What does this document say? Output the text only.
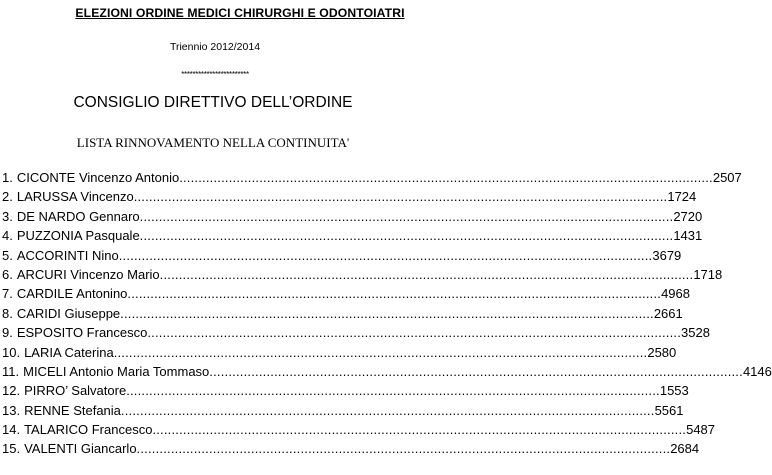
ELEZIONI ORDINE MEDICI CHIRURGHI E ODONTOIATRI
Triennio 2012/2014
************************
CONSIGLIO DIRETTIVO DELL’ORDINE
LISTA RINNOVAMENTO NELLA CONTINUITA'
1. CICONTE Vincenzo Antonio ............................................................................................................................................ 2507
2. LARUSSA Vincenzo ............................................................................................................................................ 1724
3. DE NARDO Gennaro ............................................................................................................................................ 2720
4. PUZZONIA Pasquale ............................................................................................................................................ 1431
5. ACCORINTI Nino ............................................................................................................................................ 3679
6. ARCURI Vincenzo Mario ............................................................................................................................................ 1718
7. CARDILE Antonino ............................................................................................................................................ 4968
8. CARIDI Giuseppe ............................................................................................................................................ 2661
9. ESPOSITO Francesco ............................................................................................................................................ 3528
10. LARIA Caterina ............................................................................................................................................ 2580
11. MICELI Antonio Maria Tommaso ............................................................................................................................................ 4146
12. PIRRO’ Salvatore ............................................................................................................................................ 1553
13. RENNE Stefania ............................................................................................................................................ 5561
14. TALARICO Francesco ............................................................................................................................................ 5487
15. VALENTI Giancarlo ............................................................................................................................................ 2684
